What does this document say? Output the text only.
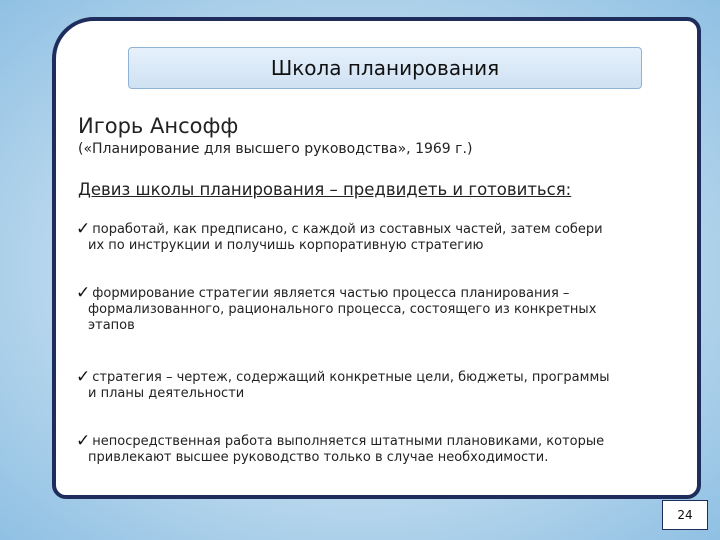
Школа планирования
Игорь Ансофф
(«Планирование для высшего руководства», 1969 г.)
Девиз школы планирования – предвидеть и готовиться:
✓ поработай, как предписано, с каждой из составных частей, затем собери
их по инструкции и получишь корпоративную стратегию
✓ формирование стратегии является частью процесса планирования –
формализованного, рационального процесса, состоящего из конкретных
этапов
✓ стратегия – чертеж, содержащий конкретные цели, бюджеты, программы
и планы деятельности
✓ непосредственная работа выполняется штатными плановиками, которые
привлекают высшее руководство только в случае необходимости.
24
